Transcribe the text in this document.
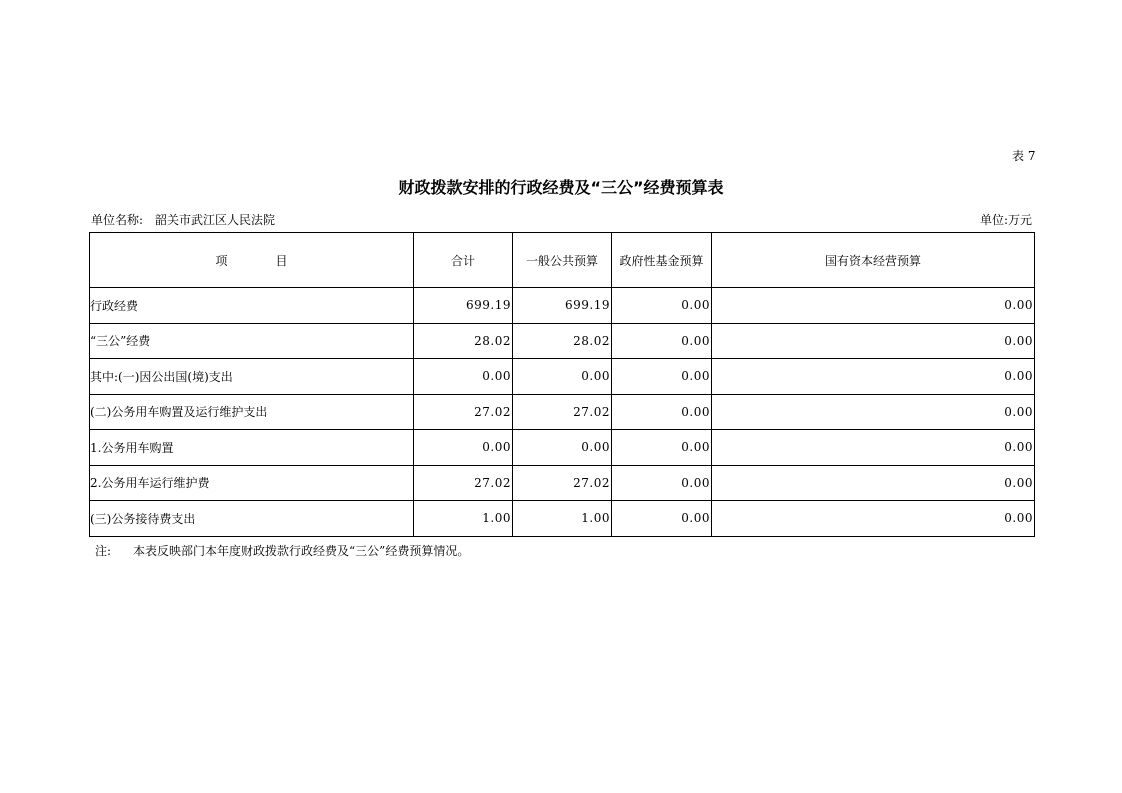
表 7
财政拨款安排的行政经费及“三公”经费预算表
单位名称: 韶关市武江区人民法院	单位:万元
项 目	合计	一般公共预算	政府性基金预算	国有资本经营预算
行政经费	699.19	699.19	0.00	0.00
“三公”经费	28.02	28.02	0.00	0.00
其中:(一)因公出国(境)支出	0.00	0.00	0.00	0.00
(二)公务用车购置及运行维护支出	27.02	27.02	0.00	0.00
1.公务用车购置	0.00	0.00	0.00	0.00
2.公务用车运行维护费	27.02	27.02	0.00	0.00
(三)公务接待费支出	1.00	1.00	0.00	0.00
注: 本表反映部门本年度财政拨款行政经费及“三公”经费预算情况。
